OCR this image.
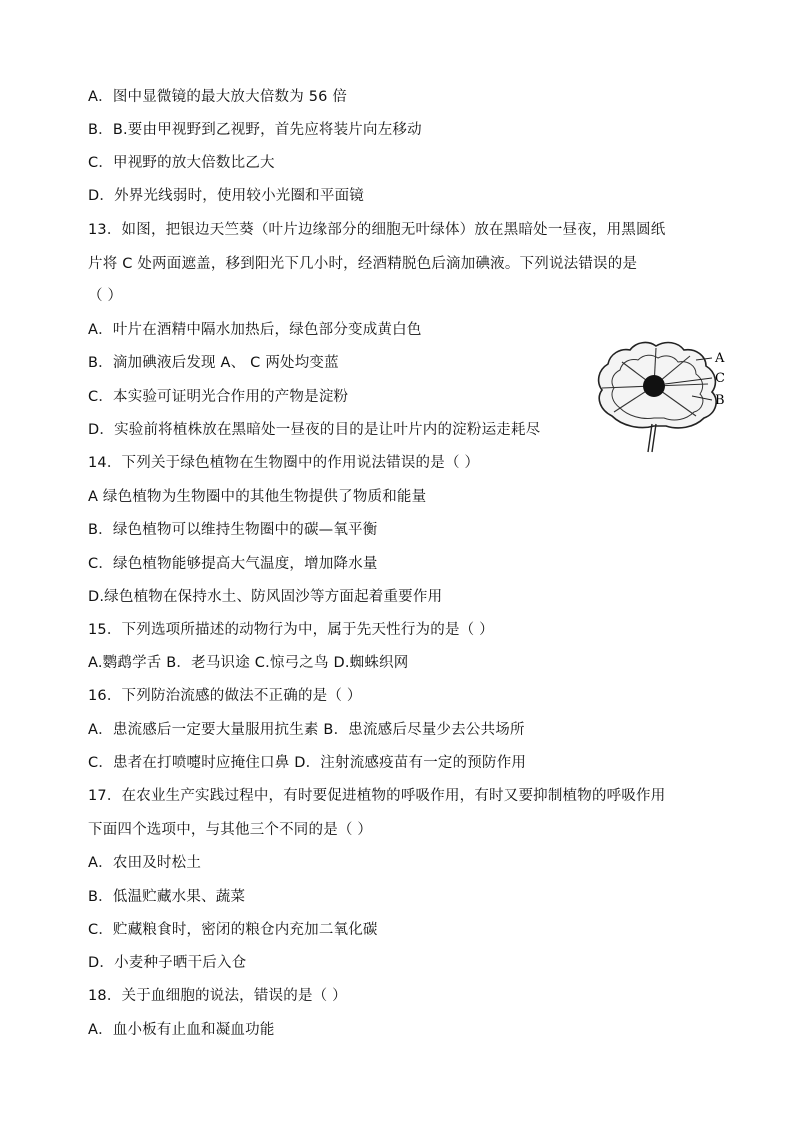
A．图中显微镜的最大放大倍数为 56 倍
B．B.要由甲视野到乙视野，首先应将装片向左移动
C．甲视野的放大倍数比乙大
D．外界光线弱时，使用较小光圈和平面镜
13．如图，把银边天竺葵（叶片边缘部分的细胞无叶绿体）放在黑暗处一昼夜，用黑圆纸
片将 C 处两面遮盖，移到阳光下几小时，经酒精脱色后滴加碘液。下列说法错误的是
（ ）
A．叶片在酒精中隔水加热后，绿色部分变成黄白色
B．滴加碘液后发现 A、 C 两处均变蓝
C．本实验可证明光合作用的产物是淀粉
D．实验前将植株放在黑暗处一昼夜的目的是让叶片内的淀粉运走耗尽
14．下列关于绿色植物在生物圈中的作用说法错误的是（ ）
A 绿色植物为生物圈中的其他生物提供了物质和能量
B．绿色植物可以维持生物圈中的碳—氧平衡
C．绿色植物能够提高大气温度，增加降水量
D.绿色植物在保持水土、防风固沙等方面起着重要作用
15．下列选项所描述的动物行为中，属于先天性行为的是（ ）
A.鹦鹉学舌 B．老马识途 C.惊弓之鸟 D.蜘蛛织网
16．下列防治流感的做法不正确的是（ ）
A．患流感后一定要大量服用抗生素 B．患流感后尽量少去公共场所
C．患者在打喷嚏时应掩住口鼻 D．注射流感疫苗有一定的预防作用
17．在农业生产实践过程中，有时要促进植物的呼吸作用，有时又要抑制植物的呼吸作用
下面四个选项中，与其他三个不同的是（ ）
A．农田及时松土
B．低温贮藏水果、蔬菜
C．贮藏粮食时，密闭的粮仓内充加二氧化碳
D．小麦种子晒干后入仓
18．关于血细胞的说法，错误的是（ ）
A．血小板有止血和凝血功能
A
C
B
